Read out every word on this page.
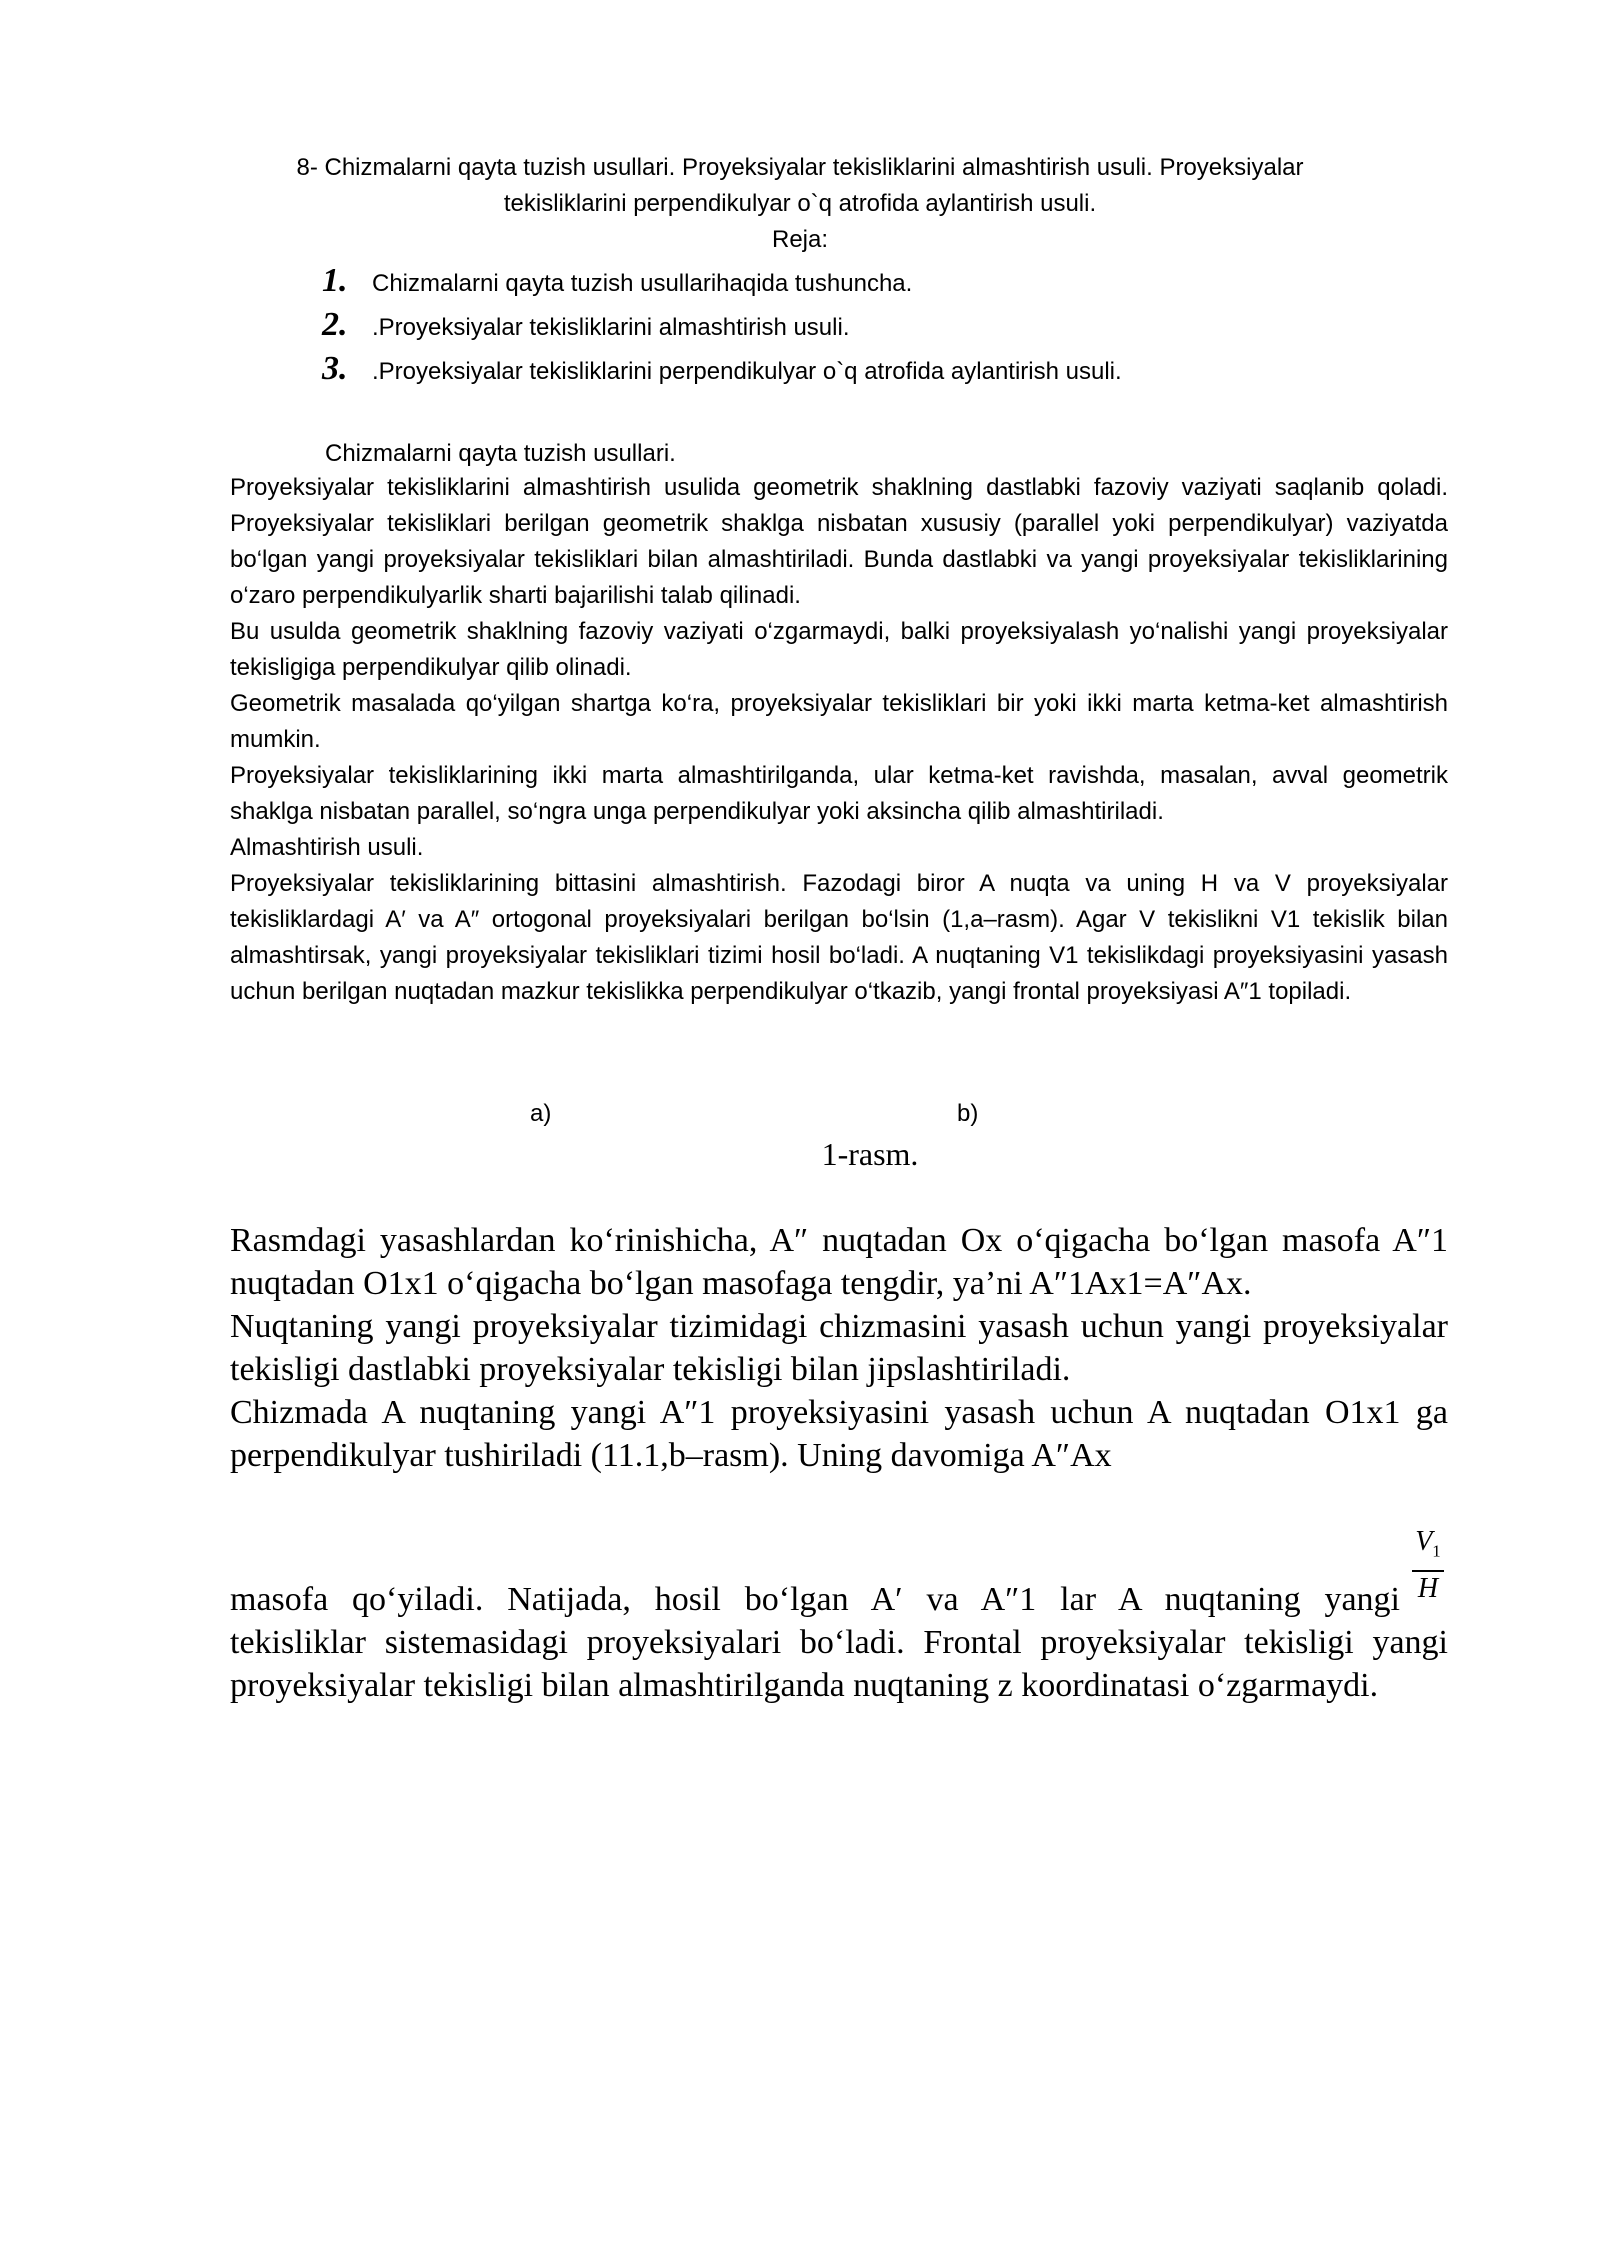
8- Chizmalarni qayta tuzish usullari. Proyeksiyalar tekisliklarini almashtirish usuli. Proyeksiyalar
tekisliklarini perpendikulyar o`q atrofida aylantirish usuli.
Reja:
1.	Chizmalarni qayta tuzish usullarihaqida tushuncha.
2.	.Proyeksiyalar tekisliklarini almashtirish usuli.
3.	.Proyeksiyalar tekisliklarini perpendikulyar o`q atrofida aylantirish usuli.
Chizmalarni qayta tuzish usullari.

Proyeksiyalar tekisliklarini almashtirish usulida geometrik shaklning dastlabki fazoviy vaziyati saqlanib qoladi. Proyeksiyalar tekisliklari berilgan geometrik shaklga nisbatan xususiy (parallel yoki perpendikulyar) vaziyatda bo‘lgan yangi proyeksiyalar tekisliklari bilan almashtiriladi. Bunda dastlabki va yangi proyeksiyalar tekisliklarining o‘zaro perpendikulyarlik sharti bajarilishi talab qilinadi.

Bu usulda geometrik shaklning fazoviy vaziyati o‘zgarmaydi, balki proyeksiyalash yo‘nalishi yangi proyeksiyalar tekisligiga perpendikulyar qilib olinadi.

Geometrik masalada qo‘yilgan shartga ko‘ra, proyeksiyalar tekisliklari bir yoki ikki marta ketma-ket almashtirish mumkin.

Proyeksiyalar tekisliklarining ikki marta almashtirilganda, ular ketma-ket ravishda, masalan, avval geometrik shaklga nisbatan parallel, so‘ngra unga perpendikulyar yoki aksincha qilib almashtiriladi.

Almashtirish usuli.

Proyeksiyalar tekisliklarining bittasini almashtirish. Fazodagi biror A nuqta va uning H va V proyeksiyalar tekisliklardagi A′ va A″ ortogonal proyeksiyalari berilgan bo‘lsin (1,a–rasm). Agar V tekislikni V1 tekislik bilan almashtirsak, yangi proyeksiyalar tekisliklari tizimi hosil bo‘ladi. A nuqtaning V1 tekislikdagi proyeksiyasini yasash uchun berilgan nuqtadan mazkur tekislikka perpendikulyar o‘tkazib, yangi frontal proyeksiyasi A″1 topiladi.

a)	b)
1-rasm.

Rasmdagi yasashlardan ko‘rinishicha, A″ nuqtadan Ox o‘qigacha bo‘lgan masofa A″1 nuqtadan O1x1 o‘qigacha bo‘lgan masofaga tengdir, ya’ni A″1Ax1=A″Ax.

Nuqtaning yangi proyeksiyalar tizimidagi chizmasini yasash uchun yangi proyeksiyalar tekisligi dastlabki proyeksiyalar tekisligi bilan jipslashtiriladi.

Chizmada A nuqtaning yangi A″1 proyeksiyasini yasash uchun A nuqtadan O1x1 ga perpendikulyar tushiriladi (11.1,b–rasm). Uning davomiga A″Ax

$V_1$
H

masofa qo‘yiladi. Natijada, hosil bo‘lgan A′ va A″1 lar A nuqtaning yangi tekisliklar sistemasidagi proyeksiyalari bo‘ladi. Frontal proyeksiyalar tekisligi yangi proyeksiyalar tekisligi bilan almashtirilganda nuqtaning z koordinatasi o‘zgarmaydi.
